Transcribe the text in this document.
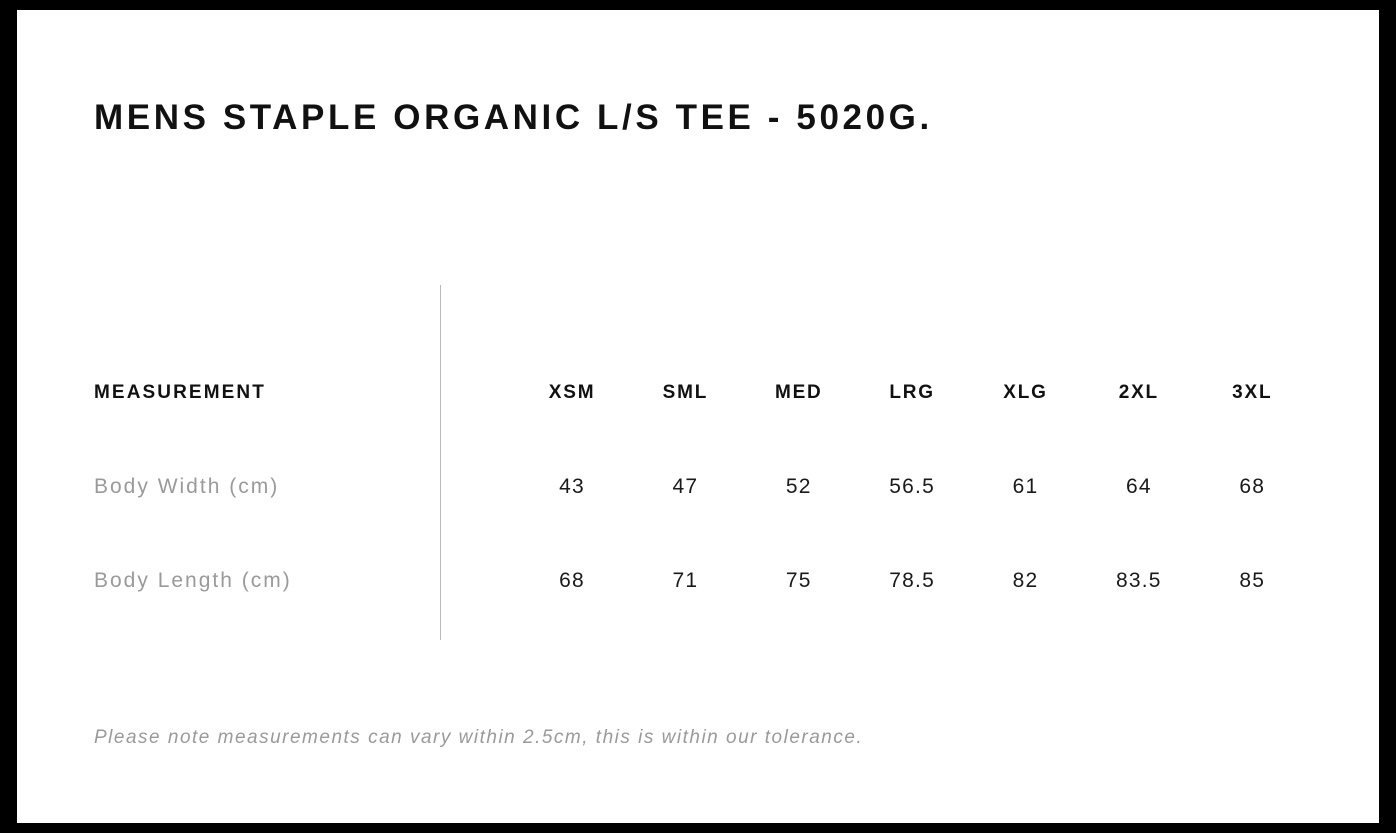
MENS STAPLE ORGANIC L/S TEE - 5020G.
MEASUREMENT	XSM	SML	MED	LRG	XLG	2XL	3XL
Body Width (cm)	43	47	52	56.5	61	64	68
Body Length (cm)	68	71	75	78.5	82	83.5	85
Please note measurements can vary within 2.5cm, this is within our tolerance.
